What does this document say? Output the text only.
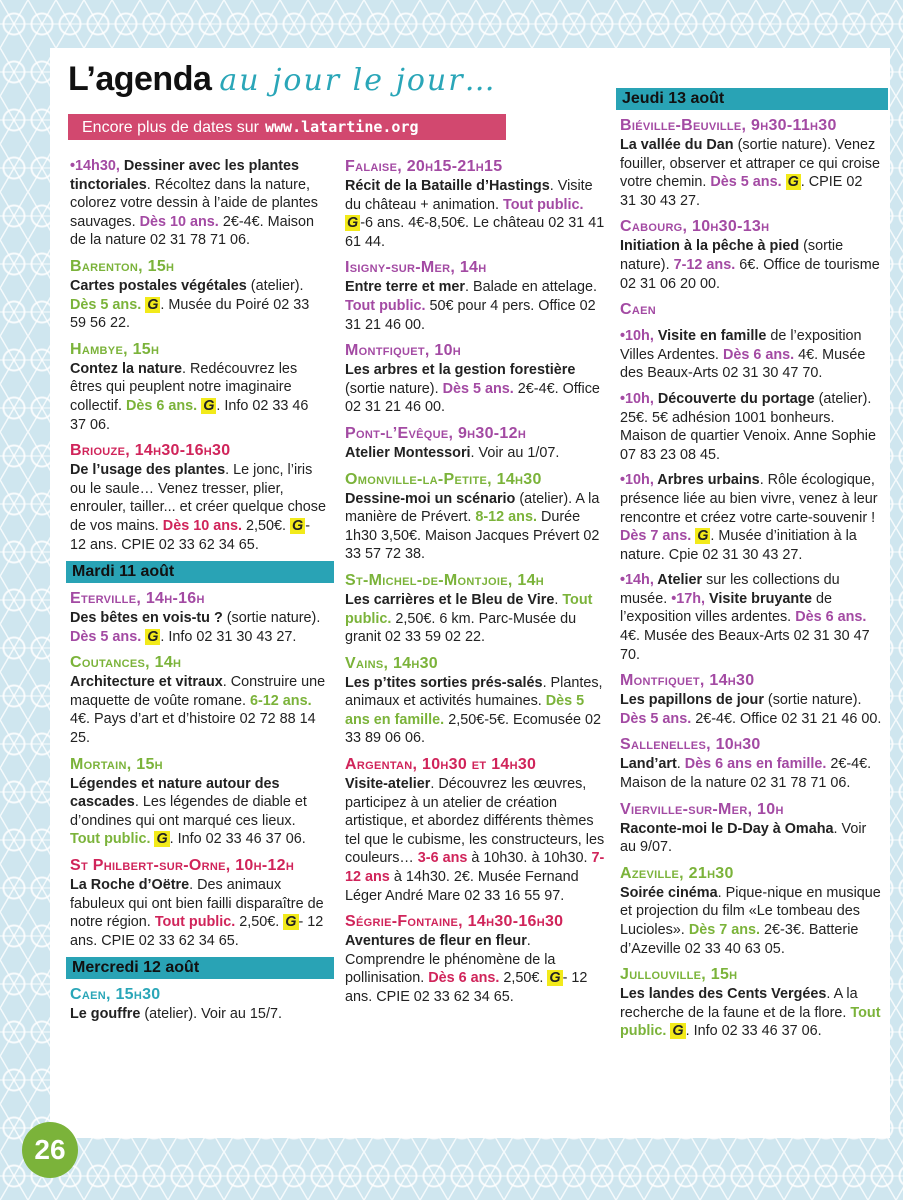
L’agenda au jour le jour…
Encore plus de dates sur www.latartine.org
•14h30, Dessiner avec les plantes tinctoriales. Récoltez dans la nature, colorez votre dessin à l’aide de plantes sauvages. Dès 10 ans. 2€-4€. Maison de la nature 02 31 78 71 06.
Barenton, 15h
Cartes postales végétales (atelier). Dès 5 ans. G . Musée du Poiré 02 33 59 56 22.
Hambye, 15h
Contez la nature. Redécouvrez les êtres qui peuplent notre imaginaire collectif. Dès 6 ans. G . Info 02 33 46 37 06.
Briouze, 14h30-16h30
De l’usage des plantes. Le jonc, l’iris ou le saule… Venez tresser, plier, enrouler, tailler... et créer quelque chose de vos mains. Dès 10 ans. 2,50€. G - 12 ans. CPIE 02 33 62 34 65.
Mardi 11 août
Eterville, 14h-16h
Des bêtes en vois-tu ? (sortie nature). Dès 5 ans. G . Info 02 31 30 43 27.
Coutances, 14h
Architecture et vitraux. Construire une maquette de voûte romane. 6-12 ans. 4€. Pays d’art et d’histoire 02 72 88 14 25.
Mortain, 15h
Légendes et nature autour des cascades. Les légendes de diable et d’ondines qui ont marqué ces lieux. Tout public. G . Info 02 33 46 37 06.
St Philbert-sur-Orne, 10h-12h
La Roche d’Oëtre. Des animaux fabuleux qui ont bien failli disparaître de notre région. Tout public. 2,50€. G - 12 ans. CPIE 02 33 62 34 65.
Mercredi 12 août
Caen, 15h30
Le gouffre (atelier). Voir au 15/7.
Falaise, 20h15-21h15
Récit de la Bataille d’Hastings. Visite du château + animation. Tout public. G -6 ans. 4€-8,50€. Le château 02 31 41 61 44.
Isigny-sur-Mer, 14h
Entre terre et mer. Balade en attelage. Tout public. 50€ pour 4 pers. Office 02 31 21 46 00.
Montfiquet, 10h
Les arbres et la gestion forestière (sortie nature). Dès 5 ans. 2€-4€. Office 02 31 21 46 00.
Pont-l’Evêque, 9h30-12h
Atelier Montessori. Voir au 1/07.
Omonville-la-Petite, 14h30
Dessine-moi un scénario (atelier). A la manière de Prévert. 8-12 ans. Durée 1h30 3,50€. Maison Jacques Prévert 02 33 57 72 38.
St-Michel-de-Montjoie, 14h
Les carrières et le Bleu de Vire. Tout public. 2,50€. 6 km. Parc-Musée du granit 02 33 59 02 22.
Vains, 14h30
Les p’tites sorties prés-salés. Plantes, animaux et activités humaines. Dès 5 ans en famille. 2,50€-5€. Ecomusée 02 33 89 06 06.
Argentan, 10h30 et 14h30
Visite-atelier. Découvrez les œuvres, participez à un atelier de création artistique, et abordez différents thèmes tel que le cubisme, les constructeurs, les couleurs… 3-6 ans à 10h30. à 10h30. 7-12 ans à 14h30. 2€. Musée Fernand Léger André Mare 02 33 16 55 97.
Ségrie-Fontaine, 14h30-16h30
Aventures de fleur en fleur. Comprendre le phénomène de la pollinisation. Dès 6 ans. 2,50€. G - 12 ans. CPIE 02 33 62 34 65.
Jeudi 13 août
Biéville-Beuville, 9h30-11h30
La vallée du Dan (sortie nature). Venez fouiller, observer et attraper ce qui croise votre chemin. Dès 5 ans. G . CPIE 02 31 30 43 27.
Cabourg, 10h30-13h
Initiation à la pêche à pied (sortie nature). 7-12 ans. 6€. Office de tourisme 02 31 06 20 00.
Caen
•10h, Visite en famille de l’exposition Villes Ardentes. Dès 6 ans. 4€. Musée des Beaux-Arts 02 31 30 47 70.
•10h, Découverte du portage (atelier). 25€. 5€ adhésion 1001 bonheurs. Maison de quartier Venoix. Anne Sophie 07 83 23 08 45.
•10h, Arbres urbains. Rôle écologique, présence liée au bien vivre, venez à leur rencontre et créez votre carte-souvenir ! Dès 7 ans. G . Musée d’initiation à la nature. Cpie 02 31 30 43 27.
•14h, Atelier sur les collections du musée. •17h, Visite bruyante de l’exposition villes ardentes. Dès 6 ans. 4€. Musée des Beaux-Arts 02 31 30 47 70.
Montfiquet, 14h30
Les papillons de jour (sortie nature). Dès 5 ans. 2€-4€. Office 02 31 21 46 00.
Sallenelles, 10h30
Land’art. Dès 6 ans en famille. 2€-4€. Maison de la nature 02 31 78 71 06.
Vierville-sur-Mer, 10h
Raconte-moi le D-Day à Omaha. Voir au 9/07.
Azeville, 21h30
Soirée cinéma. Pique-nique en musique et projection du film «Le tombeau des Lucioles». Dès 7 ans. 2€-3€. Batterie d’Azeville 02 33 40 63 05.
Jullouville, 15h
Les landes des Cents Vergées. A la recherche de la faune et de la flore. Tout public. G . Info 02 33 46 37 06.
26
